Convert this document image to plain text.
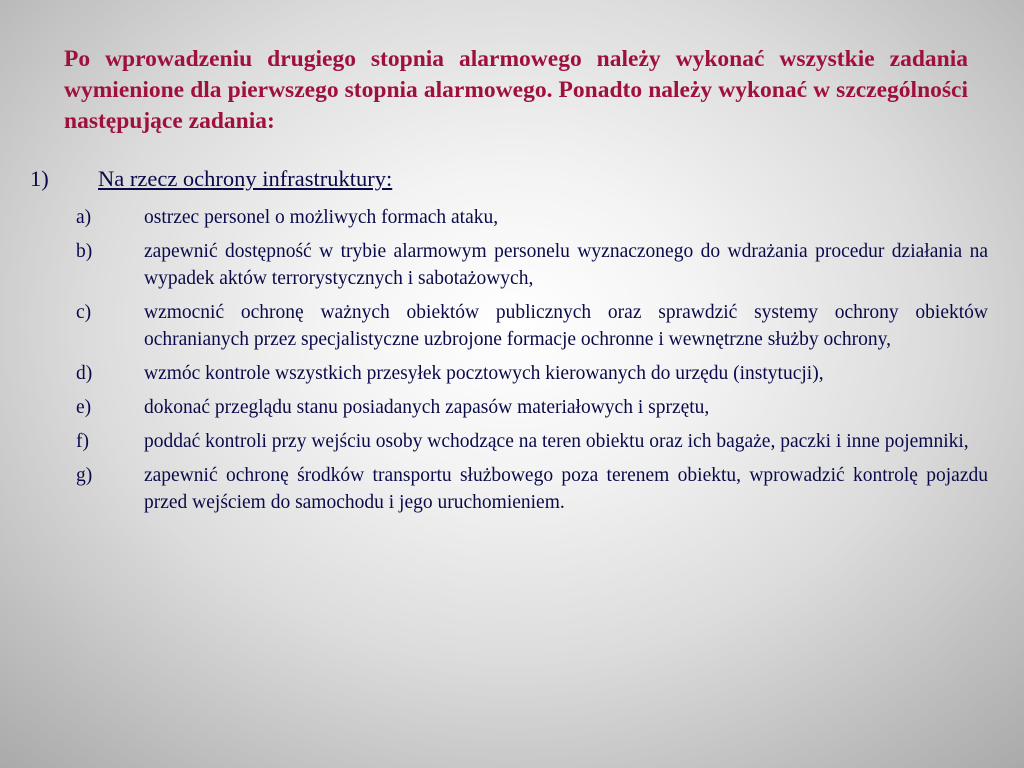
Po wprowadzeniu drugiego stopnia alarmowego należy wykonać wszystkie zadania wymienione dla pierwszego stopnia alarmowego. Ponadto należy wykonać w szczególności następujące zadania:

1) Na rzecz ochrony infrastruktury:

a)	ostrzec personel o możliwych formach ataku,
b)	zapewnić dostępność w trybie alarmowym personelu wyznaczonego do wdrażania procedur działania na wypadek aktów terrorystycznych i sabotażowych,
c)	wzmocnić ochronę ważnych obiektów publicznych oraz sprawdzić systemy ochrony obiektów ochranianych przez specjalistyczne uzbrojone formacje ochronne i wewnętrzne służby ochrony,
d)	wzmóc kontrole wszystkich przesyłek pocztowych kierowanych do urzędu (instytucji),
e)	dokonać przeglądu stanu posiadanych zapasów materiałowych i sprzętu,
f)	poddać kontroli przy wejściu osoby wchodzące na teren obiektu oraz ich bagaże, paczki i inne pojemniki,
g)	zapewnić ochronę środków transportu służbowego poza terenem obiektu, wprowadzić kontrolę pojazdu przed wejściem do samochodu i jego uruchomieniem.
